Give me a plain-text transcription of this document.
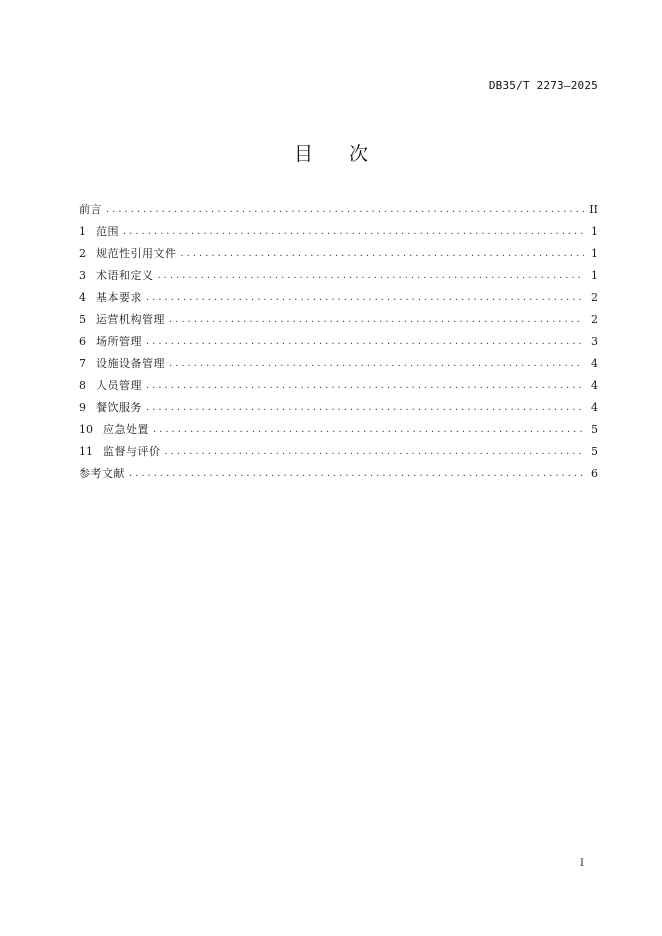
DB35/T 2273—2025
目 次
前言 .....	II
1 范围 .....	1
2 规范性引用文件 .....	1
3 术语和定义 .....	1
4 基本要求 .....	2
5 运营机构管理 .....	2
6 场所管理 .....	3
7 设施设备管理 .....	4
8 人员管理 .....	4
9 餐饮服务 .....	4
10 应急处置 .....	5
11 监督与评价 .....	5
参考文献 .....	6
I
